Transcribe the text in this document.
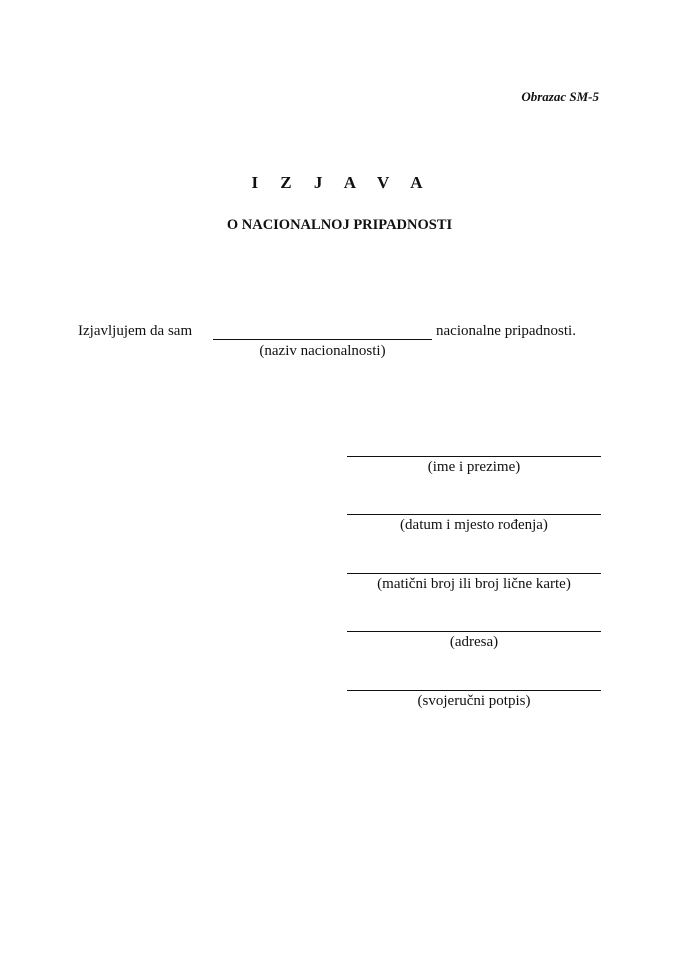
Obrazac SM-5
I Z J A V A
O NACIONALNOJ PRIPADNOSTI
Izjavljujem da sam	nacionalne pripadnosti.
(naziv nacionalnosti)
(ime i prezime)
(datum i mjesto rođenja)
(matični broj ili broj lične karte)
(adresa)
(svojeručni potpis)
